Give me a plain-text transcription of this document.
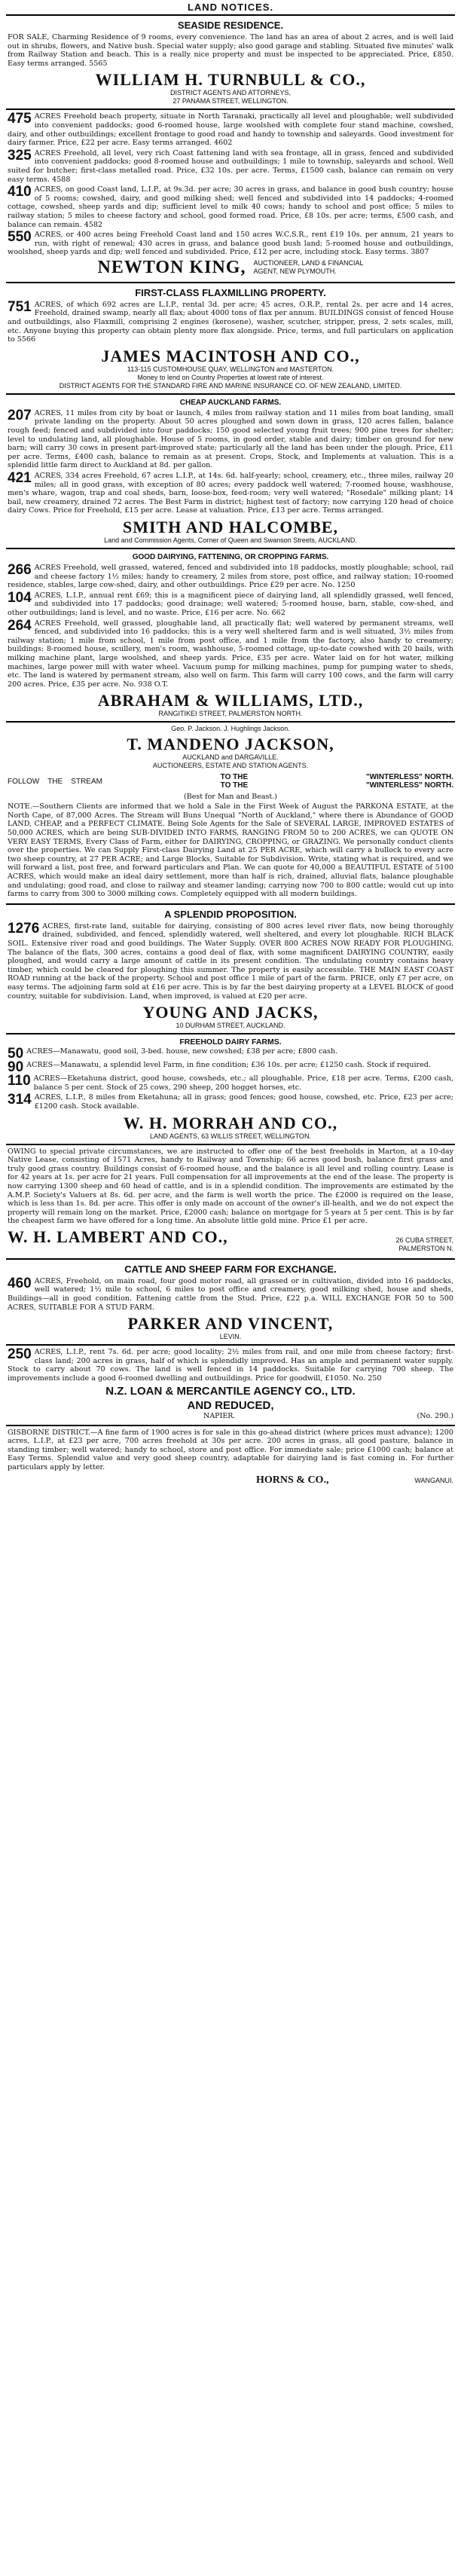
LAND NOTICES.
SEASIDE RESIDENCE.

FOR SALE, Charming Residence of 9 rooms, every convenience. The land has an area of about 2 acres, and is well laid out in shrubs, flowers, and Native bush. Special water supply; also good garage and stabling. Situated five minutes' walk from Railway Station and beach. This is a really nice property and must be inspected to be appreciated. Price, £850. Easy terms arranged. 5565

WILLIAM H. TURNBULL & CO.,

DISTRICT AGENTS AND ATTORNEYS,

27 PANAMA STREET, WELLINGTON.

475 ACRES Freehold beach property, situate in North Taranaki, practically all level and ploughable; well subdivided into convenient paddocks; good 6-roomed house, large woolshed with complete four stand machine, cowshed, dairy, and other outbuildings; excellent frontage to good road and handy to township and saleyards. Good investment for dairy farmer. Price, £22 per acre. Easy terms arranged. 4602

325 ACRES Freehold, all level, very rich Coast fattening land with sea frontage, all in grass, fenced and subdivided into convenient paddocks; good 8-roomed house and outbuildings; 1 mile to township, saleyards and school. Well suited for butcher; first-class metalled road. Price, £32 10s. per acre. Terms, £1500 cash, balance can remain on very easy terms. 4588

410 ACRES, on good Coast land, L.I.P., at 9s.3d. per acre; 30 acres in grass, and balance in good bush country; house of 5 rooms; cowshed, dairy, and good milking shed; well fenced and subdivided into 14 paddocks; 4-roomed cottage, cowshed, sheep yards and dip; sufficient level to milk 40 cows; handy to school and post office; 5 miles to railway station; 5 miles to cheese factory and school, good formed road. Price, £8 10s. per acre; terms, £500 cash, and balance can remain. 4582

550 ACRES, or 400 acres being Freehold Coast land and 150 acres W.C.S.R., rent £19 10s. per annum, 21 years to run, with right of renewal; 430 acres in grass, and balance good bush land; 5-roomed house and outbuildings, woolshed, sheep yards and dip; well fenced and subdivided. Price, £12 per acre, including stock. Easy terms. 3807

NEWTON KING, AUCTIONEER, LAND & FINANCIAL

AGENT, NEW PLYMOUTH.

FIRST-CLASS FLAXMILLING PROPERTY.

751 ACRES, of which 692 acres are L.I.P., rental 3d. per acre; 45 acres, O.R.P., rental 2s. per acre and 14 acres, Freehold, drained swamp, nearly all flax; about 4000 tons of flax per annum. BUILDINGS consist of fenced House and outbuildings, also Flaxmill, comprising 2 engines (kerosene), washer, scutcher, stripper, press, 2 sets scales, mill, etc. Anyone buying this property can obtain plenty more flax alongside. Price, terms, and full particulars on application to 5566

JAMES MACINTOSH AND CO.,

113-115 CUSTOMHOUSE QUAY, WELLINGTON and MASTERTON.

Money to lend on Country Properties at lowest rate of interest.

DISTRICT AGENTS FOR THE STANDARD FIRE AND MARINE INSURANCE CO. OF NEW ZEALAND, LIMITED.

CHEAP AUCKLAND FARMS.

207 ACRES, 11 miles from city by boat or launch, 4 miles from railway station and 11 miles from boat landing, small private landing on the property. About 50 acres ploughed and sown down in grass, 120 acres fallen, balance rough feed; fenced and subdivided into four paddocks; 150 good selected young fruit trees; 900 pine trees for shelter; level to undulating land, all ploughable. House of 5 rooms, in good order, stable and dairy; timber on ground for new barn; will carry 30 cows in present part-improved state; particularly all the land has been under the plough. Price, £11 per acre. Terms, £400 cash, balance to remain as at present. Crops, Stock, and Implements at valuation. This is a splendid little farm direct to Auckland at 8d. per gallon.

421 ACRES, 334 acres Freehold, 67 acres L.I.P., at 14s. 6d. half-yearly; school, creamery, etc., three miles, railway 20 miles; all in good grass, with exception of 80 acres; every paddock well watered; 7-roomed house, washhouse, men's whare, wagon, trap and coal sheds, barn, loose-box, feed-room; very well watered; "Rosedale" milking plant; 14 bail, new creamery, drained 72 acres. The Best Farm in district; highest test of factory; now carrying 120 head of choice dairy Cows. Price for Freehold, £15 per acre. Lease at valuation. Price, £13 per acre. Terms arranged.

SMITH AND HALCOMBE,

Land and Commission Agents, Corner of Queen and Swanson Streets, AUCKLAND.

GOOD DAIRYING, FATTENING, OR CROPPING FARMS.

266 ACRES Freehold, well grassed, watered, fenced and subdivided into 18 paddocks, mostly ploughable; school, rail and cheese factory 1½ miles; handy to creamery, 2 miles from store, post office, and railway station; 10-roomed residence, stables, large cow-shed, dairy, and other outbuildings. Price £29 per acre. No. 1250

104 ACRES, L.I.P., annual rent £69; this is a magnificent piece of dairying land, all splendidly grassed, well fenced, and subdivided into 17 paddocks; good drainage; well watered; 5-roomed house, barn, stable, cow-shed, and other outbuildings; land is level, and no waste. Price, £16 per acre. No. 662

264 ACRES Freehold, well grassed, ploughable land, all practically flat; well watered by permanent streams, well fenced, and subdivided into 16 paddocks; this is a very well sheltered farm and is well situated, 3½ miles from railway station; 1 mile from school, 1 mile from post office, and 1 mile from the factory, also handy to creamery; buildings: 8-roomed house, scullery, men's room, washhouse, 5-roomed cottage, up-to-date cowshed with 20 bails, with milking machine plant, large woolshed, and sheep yards. Price, £35 per acre. Water laid on for hot water, milking machines, large power mill with water wheel. Vacuum pump for milking machines, pump for pumping water to sheds, etc. The land is watered by permanent stream, also well on farm. This farm will carry 100 cows, and the farm will carry 200 acres. Price, £35 per acre. No. 938 O.T.

ABRAHAM & WILLIAMS, LTD.,

RANGITIKEI STREET, PALMERSTON NORTH.

Geo. P. Jackson. J. Hughlings Jackson.

T. MANDENO JACKSON,

AUCKLAND and DARGAVILLE.

AUCTIONEERS, ESTATE AND STATION AGENTS.

FOLLOW THE STREAM	TO THE
TO THE
"WINTERLESS" NORTH.
"WINTERLESS" NORTH.

(Best for Man and Beast.)

NOTE.—Southern Clients are informed that we hold a Sale in the First Week of August the PARKONA ESTATE, at the North Cape, of 87,000 Acres. The Stream will Buns Unequal "North of Auckland," where there is Abundance of GOOD LAND, CHEAP, and a PERFECT CLIMATE. Being Sole Agents for the Sale of SEVERAL LARGE, IMPROVED ESTATES of 50,000 ACRES, which are being SUB-DIVIDED INTO FARMS, RANGING FROM 50 to 200 ACRES, we can QUOTE ON VERY EASY TERMS, Every Class of Farm, either for DAIRYING, CROPPING, or GRAZING. We personally conduct clients over the properties. We can Supply First-class Dairying Land at 25 PER ACRE, which will carry a bullock to every acre two sheep country, at 27 PER ACRE; and Large Blocks, Suitable for Subdivision. Write, stating what is required, and we will forward a list, post free, and forward particulars and Plan. We can quote for 40,000 a BEAUTIFUL ESTATE of 5100 ACRES, which would make an ideal dairy settlement, more than half is rich, drained, alluvial flats, balance ploughable and undulating; good road, and close to railway and steamer landing; carrying now 700 to 800 cattle; would cut up into farms to carry from 300 to 3000 milking cows. Completely equipped with all modern buildings.

A SPLENDID PROPOSITION.

1276 ACRES, first-rate land, suitable for dairying, consisting of 800 acres level river flats, now being thoroughly drained, subdivided, and fenced, splendidly watered, well sheltered, and every lot ploughable. RICH BLACK SOIL. Extensive river road and good buildings. The Water Supply. OVER 800 ACRES NOW READY FOR PLOUGHING. The balance of the flats, 300 acres, contains a good deal of flax, with some magnificent DAIRYING COUNTRY, easily ploughed, and would carry a large amount of cattle in its present condition. The undulating country contains heavy timber, which could be cleared for ploughing this summer. The property is easily accessible. THE MAIN EAST COAST ROAD running at the back of the property. School and post office 1 mile of part of the farm. PRICE, only £7 per acre, on easy terms. The adjoining farm sold at £16 per acre. This is by far the best dairying property at a LEVEL BLOCK of good country, suitable for subdivision. Land, when improved, is valued at £20 per acre.

YOUNG AND JACKS,

10 DURHAM STREET, AUCKLAND.

FREEHOLD DAIRY FARMS.

50 ACRES—Manawatu, good soil, 3-bed. house, new cowshed; £38 per acre; £800 cash.

90 ACRES—Manawatu, a splendid level Farm, in fine condition; £36 10s. per acre; £1250 cash. Stock if required.

110 ACRES—Eketahuna district, good house, cowsheds, etc.; all ploughable. Price, £18 per acre. Terms, £200 cash, balance 5 per cent. Stock of 25 cows, 290 sheep, 200 hogget horses, etc.

314 ACRES, L.I.P., 8 miles from Eketahuna; all in grass; good fences; good house, cowshed, etc. Price, £23 per acre; £1200 cash. Stock available.

W. H. MORRAH AND CO.,

LAND AGENTS, 63 WILLIS STREET, WELLINGTON.

OWING to special private circumstances, we are instructed to offer one of the best freeholds in Marton, at a 10-day Native Lease, consisting of 1571 Acres, handy to Railway and Township; 66 acres good bush, balance first grass and truly good grass country. Buildings consist of 6-roomed house, and the balance is all level and rolling country. Lease is for 42 years at 1s. per acre for 21 years. Full compensation for all improvements at the end of the lease. The property is now carrying 1300 sheep and 60 head of cattle, and is in a splendid condition. The improvements are estimated by the A.M.P. Society's Valuers at 8s. 6d. per acre, and the farm is well worth the price. The £2000 is required on the lease, which is less than 1s. 8d. per acre. This offer is only made on account of the owner's ill-health, and we do not expect the property will remain long on the market. Price, £2000 cash; balance on mortgage for 5 years at 5 per cent. This is by far the cheapest farm we have offered for a long time. An absolute little gold mine. Price £1 per acre.

W. H. LAMBERT AND CO.,	26 CUBA STREET,

PALMERSTON N.

CATTLE AND SHEEP FARM FOR EXCHANGE.

460 ACRES, Freehold, on main road, four good motor road, all grassed or in cultivation, divided into 16 paddocks, well watered; 1½ mile to school, 6 miles to post office and creamery, good milking shed, house and sheds, Buildings—all in good condition. Fattening cattle from the Stud. Price, £22 p.a. WILL EXCHANGE FOR 50 to 500 ACRES, SUITABLE FOR A STUD FARM.

PARKER AND VINCENT,

LEVIN.

250 ACRES, L.I.P., rent 7s. 6d. per acre; good locality; 2½ miles from rail, and one mile from cheese factory; first-class land; 200 acres in grass, half of which is splendidly improved. Has an ample and permanent water supply. Stock to carry about 70 cows. The land is well fenced in 14 paddocks. Suitable for carrying 700 sheep. The improvements include a good 6-roomed dwelling and outbuildings. Price for goodwill, £1050. No. 250

N.Z. LOAN & MERCANTILE AGENCY CO., LTD.
AND REDUCED,
NAPIER.	(No. 290.)

GISBORNE DISTRICT.—A fine farm of 1900 acres is for sale in this go-ahead district (where prices must advance); 1200 acres, L.I.P., at £23 per acre, 700 acres freehold at 30s per acre. 200 acres in grass, all good pasture, balance in standing timber; well watered; handy to school, store and post office. For immediate sale; price £1000 cash; balance at Easy Terms. Splendid value and very good sheep country, adaptable for dairying land is fast coming in. For further particulars apply by letter.

HORNS & CO.,	WANGANUI.
